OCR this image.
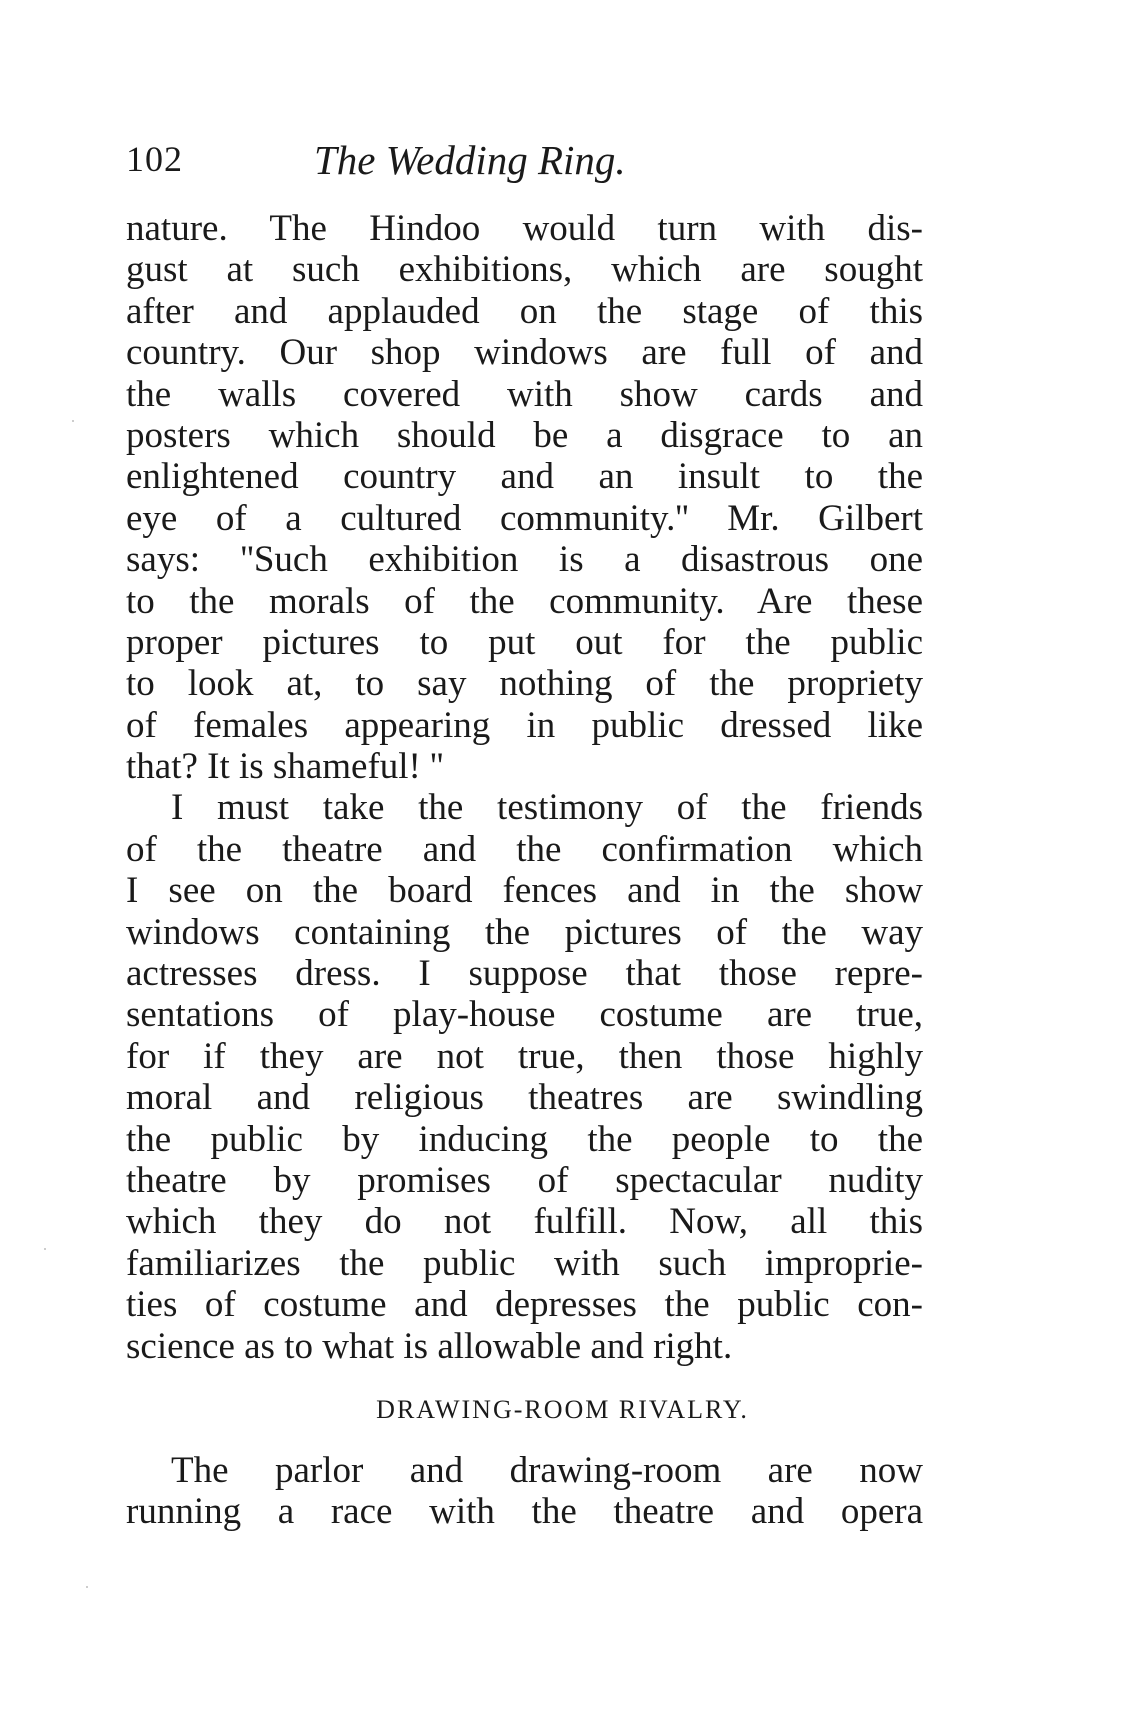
102	The Wedding Ring.
nature. The Hindoo would turn with dis-
gust at such exhibitions, which are sought
after and applauded on the stage of this
country. Our shop windows are full of and
the walls covered with show cards and
posters which should be a disgrace to an
enlightened country and an insult to the
eye of a cultured community.'' Mr. Gilbert
says: ''Such exhibition is a disastrous one
to the morals of the community. Are these
proper pictures to put out for the public
to look at, to say nothing of the propriety
of females appearing in public dressed like
that? It is shameful! ''
I must take the testimony of the friends
of the theatre and the confirmation which
I see on the board fences and in the show
windows containing the pictures of the way
actresses dress. I suppose that those repre-
sentations of play-house costume are true,
for if they are not true, then those highly
moral and religious theatres are swindling
the public by inducing the people to the
theatre by promises of spectacular nudity
which they do not fulfill. Now, all this
familiarizes the public with such improprie-
ties of costume and depresses the public con-
science as to what is allowable and right.
DRAWING-ROOM RIVALRY.
The parlor and drawing-room are now
running a race with the theatre and opera
